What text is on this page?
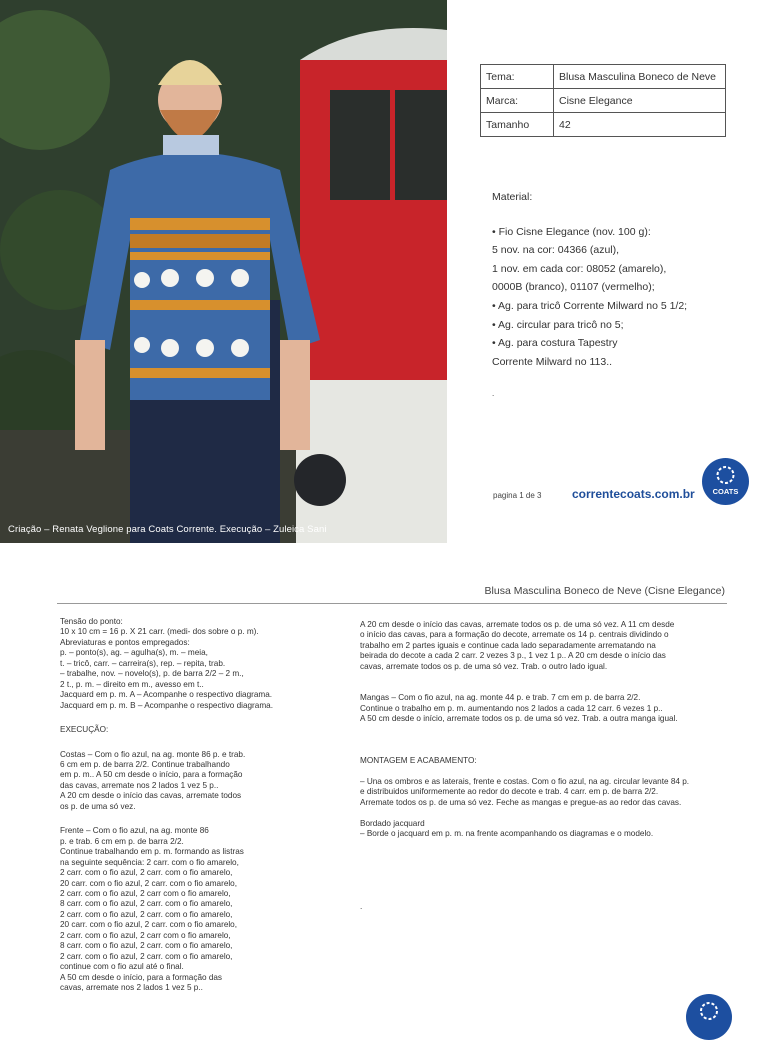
Criação – Renata Veglione para Coats Corrente. Execução – Zuleica Sani
Tema:	Blusa Masculina Boneco de Neve
Marca:	Cisne Elegance
Tamanho	42

Material:

• Fio Cisne Elegance (nov. 100 g):

5 nov. na cor: 04366 (azul),

1 nov. em cada cor: 08052 (amarelo),

0000B (branco), 01107 (vermelho);

• Ag. para tricô Corrente Milward no 5 1/2;

• Ag. circular para tricô no 5;

• Ag. para costura Tapestry

Corrente Milward no 113..

.

pagina 1 de 3	correntecoats.com.br	COATS
Blusa Masculina Boneco de Neve (Cisne Elegance)

Tensão do ponto:

10 x 10 cm = 16 p. X 21 carr. (medi- dos sobre o p. m).

Abreviaturas e pontos empregados:

p. – ponto(s), ag. – agulha(s), m. – meia,

t. – tricô, carr. – carreira(s), rep. – repita, trab.

– trabalhe, nov. – novelo(s), p. de barra 2/2 – 2 m.,

2 t., p. m. – direito em m., avesso em t..

Jacquard em p. m. A – Acompanhe o respectivo diagrama.

Jacquard em p. m. B – Acompanhe o respectivo diagrama.

EXECUÇÃO:

Costas – Com o fio azul, na ag. monte 86 p. e trab.

6 cm em p. de barra 2/2. Continue trabalhando

em p. m.. A 50 cm desde o início, para a formação

das cavas, arremate nos 2 lados 1 vez 5 p..

A 20 cm desde o início das cavas, arremate todos

os p. de uma só vez.

Frente – Com o fio azul, na ag. monte 86

p. e trab. 6 cm em p. de barra 2/2.

Continue trabalhando em p. m. formando as listras

na seguinte sequência: 2 carr. com o fio amarelo,

2 carr. com o fio azul, 2 carr. com o fio amarelo,

20 carr. com o fio azul, 2 carr. com o fio amarelo,

2 carr. com o fio azul, 2 carr com o fio amarelo,

8 carr. com o fio azul, 2 carr. com o fio amarelo,

2 carr. com o fio azul, 2 carr. com o fio amarelo,

20 carr. com o fio azul, 2 carr. com o fio amarelo,

2 carr. com o fio azul, 2 carr com o fio amarelo,

8 carr. com o fio azul, 2 carr. com o fio amarelo,

2 carr. com o fio azul, 2 carr. com o fio amarelo,

continue com o fio azul até o final.

A 50 cm desde o início, para a formação das

cavas, arremate nos 2 lados 1 vez 5 p..

A 20 cm desde o início das cavas, arremate todos os p. de uma só vez. A 11 cm desde

o início das cavas, para a formação do decote, arremate os 14 p. centrais dividindo o

trabalho em 2 partes iguais e continue cada lado separadamente arrematando na

beirada do decote a cada 2 carr. 2 vezes 3 p., 1 vez 1 p.. A 20 cm desde o início das

cavas, arremate todos os p. de uma só vez. Trab. o outro lado igual.

Mangas – Com o fio azul, na ag. monte 44 p. e trab. 7 cm em p. de barra 2/2.

Continue o trabalho em p. m. aumentando nos 2 lados a cada 12 carr. 6 vezes 1 p..

A 50 cm desde o início, arremate todos os p. de uma só vez. Trab. a outra manga igual.

MONTAGEM E ACABAMENTO:

– Una os ombros e as laterais, frente e costas. Com o fio azul, na ag. circular levante 84 p.

e distribuidos uniformemente ao redor do decote e trab. 4 carr. em p. de barra 2/2.

Arremate todos os p. de uma só vez. Feche as mangas e pregue-as ao redor das cavas.

Bordado jacquard

– Borde o jacquard em p. m. na frente acompanhando os diagramas e o modelo.

.
